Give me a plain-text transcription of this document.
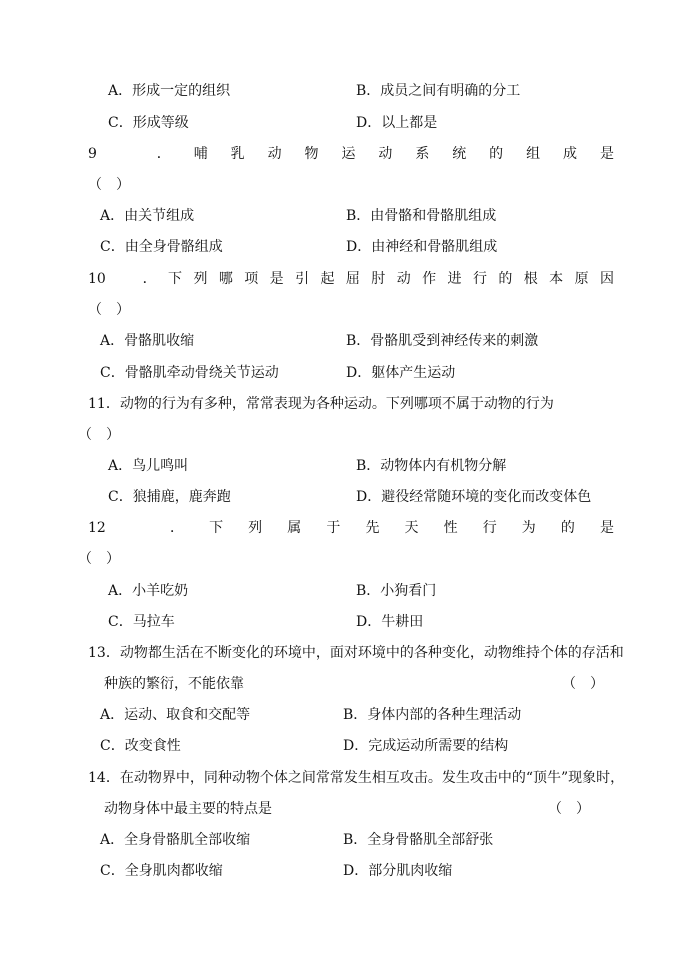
A．形成一定的组织	B．成员之间有明确的分工
C．形成等级	D．以上都是
9　．哺乳动物运动系统的组成是
（　）
A．由关节组成	B．由骨骼和骨骼肌组成
C．由全身骨骼组成	D．由神经和骨骼肌组成
10　．下列哪项是引起屈肘动作进行的根本原因
（　）
A．骨骼肌收缩	B．骨骼肌受到神经传来的刺激
C．骨骼肌牵动骨绕关节运动	D．躯体产生运动
11．动物的行为有多种，常常表现为各种运动。下列哪项不属于动物的行为
（　）
A．鸟儿鸣叫	B．动物体内有机物分解
C．狼捕鹿，鹿奔跑	D．避役经常随环境的变化而改变体色
12　．下列属于先天性行为的是
（　）
A．小羊吃奶	B．小狗看门
C．马拉车	D．牛耕田
13．动物都生活在不断变化的环境中，面对环境中的各种变化，动物维持个体的存活和
种族的繁衍，不能依靠	（　）
A．运动、取食和交配等	B．身体内部的各种生理活动
C．改变食性	D．完成运动所需要的结构
14．在动物界中，同种动物个体之间常常发生相互攻击。发生攻击中的“顶牛”现象时，
动物身体中最主要的特点是	（　）
A．全身骨骼肌全部收缩	B．全身骨骼肌全部舒张
C．全身肌肉都收缩	D．部分肌肉收缩
